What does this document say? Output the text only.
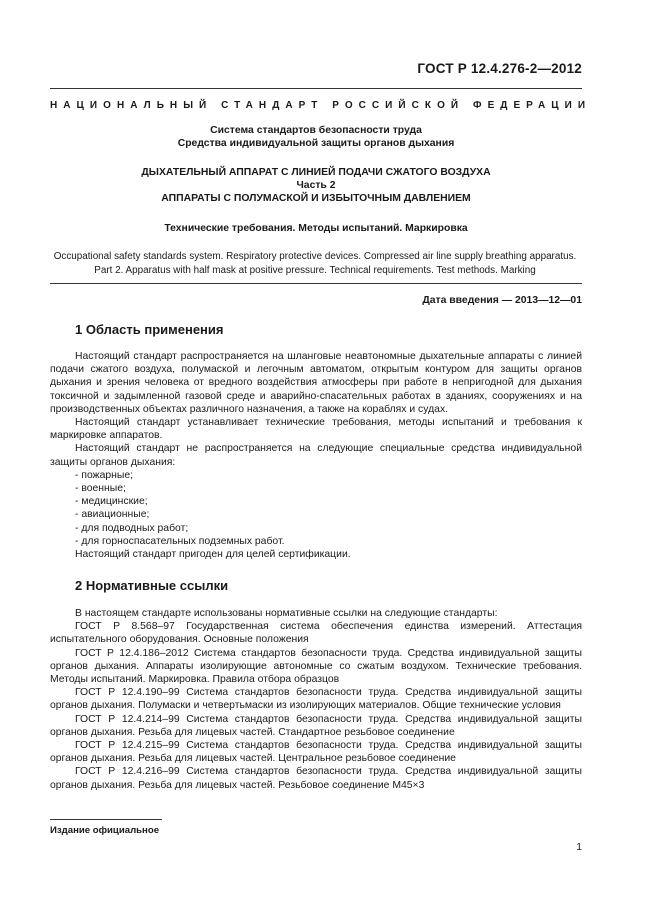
ГОСТ Р 12.4.276-2—2012
НАЦИОНАЛЬНЫЙ СТАНДАРТ РОССИЙСКОЙ ФЕДЕРАЦИИ
Система стандартов безопасности труда
Средства индивидуальной защиты органов дыхания
ДЫХАТЕЛЬНЫЙ АППАРАТ С ЛИНИЕЙ ПОДАЧИ СЖАТОГО ВОЗДУХА
Часть 2
АППАРАТЫ С ПОЛУМАСКОЙ И ИЗБЫТОЧНЫМ ДАВЛЕНИЕМ
Технические требования. Методы испытаний. Маркировка
Occupational safety standards system. Respiratory protective devices. Compressed air line supply breathing apparatus. Part 2. Apparatus with half mask at positive pressure. Technical requirements. Test methods. Marking
Дата введения — 2013—12—01
1 Область применения

Настоящий стандарт распространяется на шланговые неавтономные дыхательные аппараты с линией подачи сжатого воздуха, полумаской и легочным автоматом, открытым контуром для защиты органов дыхания и зрения человека от вредного воздействия атмосферы при работе в непригодной для дыхания токсичной и задымленной газовой среде и аварийно-спасательных работах в зданиях, сооружениях и на производственных объектах различного назначения, а также на кораблях и судах.

Настоящий стандарт устанавливает технические требования, методы испытаний и требования к маркировке аппаратов.

Настоящий стандарт не распространяется на следующие специальные средства индивидуальной защиты органов дыхания:

- пожарные;

- военные;

- медицинские;

- авиационные;

- для подводных работ;

- для горноспасательных подземных работ.

Настоящий стандарт пригоден для целей сертификации.

2 Нормативные ссылки

В настоящем стандарте использованы нормативные ссылки на следующие стандарты:

ГОСТ Р 8.568–97 Государственная система обеспечения единства измерений. Аттестация испытательного оборудования. Основные положения

ГОСТ Р 12.4.186–2012 Система стандартов безопасности труда. Средства индивидуальной защиты органов дыхания. Аппараты изолирующие автономные со сжатым воздухом. Технические требования. Методы испытаний. Маркировка. Правила отбора образцов

ГОСТ Р 12.4.190–99 Система стандартов безопасности труда. Средства индивидуальной защиты органов дыхания. Полумаски и четвертьмаски из изолирующих материалов. Общие технические условия

ГОСТ Р 12.4.214–99 Система стандартов безопасности труда. Средства индивидуальной защиты органов дыхания. Резьба для лицевых частей. Стандартное резьбовое соединение

ГОСТ Р 12.4.215–99 Система стандартов безопасности труда. Средства индивидуальной защиты органов дыхания. Резьба для лицевых частей. Центральное резьбовое соединение

ГОСТ Р 12.4.216–99 Система стандартов безопасности труда. Средства индивидуальной защиты органов дыхания. Резьба для лицевых частей. Резьбовое соединение М45×3

Издание официальное
1
